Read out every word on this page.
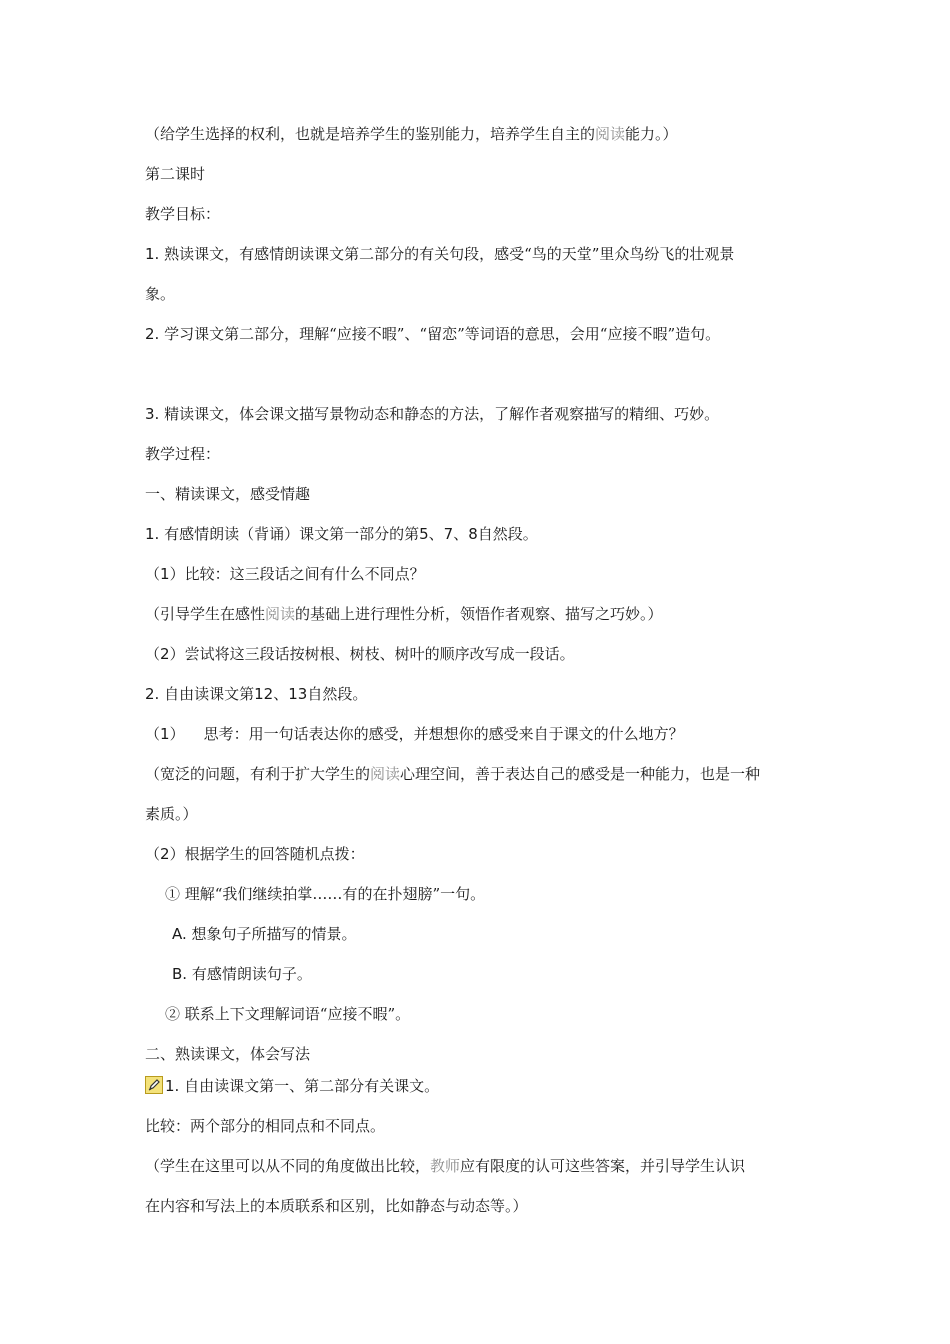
（给学生选择的权利，也就是培养学生的鉴别能力，培养学生自主的阅读能力。）
第二课时
教学目标：
1. 熟读课文，有感情朗读课文第二部分的有关句段，感受“鸟的天堂”里众鸟纷飞的壮观景
象。
2. 学习课文第二部分，理解“应接不暇”、“留恋”等词语的意思，会用“应接不暇”造句。
3. 精读课文，体会课文描写景物动态和静态的方法，了解作者观察描写的精细、巧妙。
教学过程：
一、精读课文，感受情趣
1. 有感情朗读（背诵）课文第一部分的第5、7、8自然段。
（1）比较：这三段话之间有什么不同点？
（引导学生在感性阅读的基础上进行理性分析，领悟作者观察、描写之巧妙。）
（2）尝试将这三段话按树根、树枝、树叶的顺序改写成一段话。
2. 自由读课文第12、13自然段。
（1）    思考：用一句话表达你的感受，并想想你的感受来自于课文的什么地方？
（宽泛的问题，有利于扩大学生的阅读心理空间，善于表达自己的感受是一种能力，也是一种
素质。）
（2）根据学生的回答随机点拨：
① 理解“我们继续拍掌……有的在扑翅膀”一句。
A. 想象句子所描写的情景。
B. 有感情朗读句子。
② 联系上下文理解词语“应接不暇”。
二、熟读课文，体会写法
1. 自由读课文第一、第二部分有关课文。
比较：两个部分的相同点和不同点。
（学生在这里可以从不同的角度做出比较，教师应有限度的认可这些答案，并引导学生认识
在内容和写法上的本质联系和区别，比如静态与动态等。）
